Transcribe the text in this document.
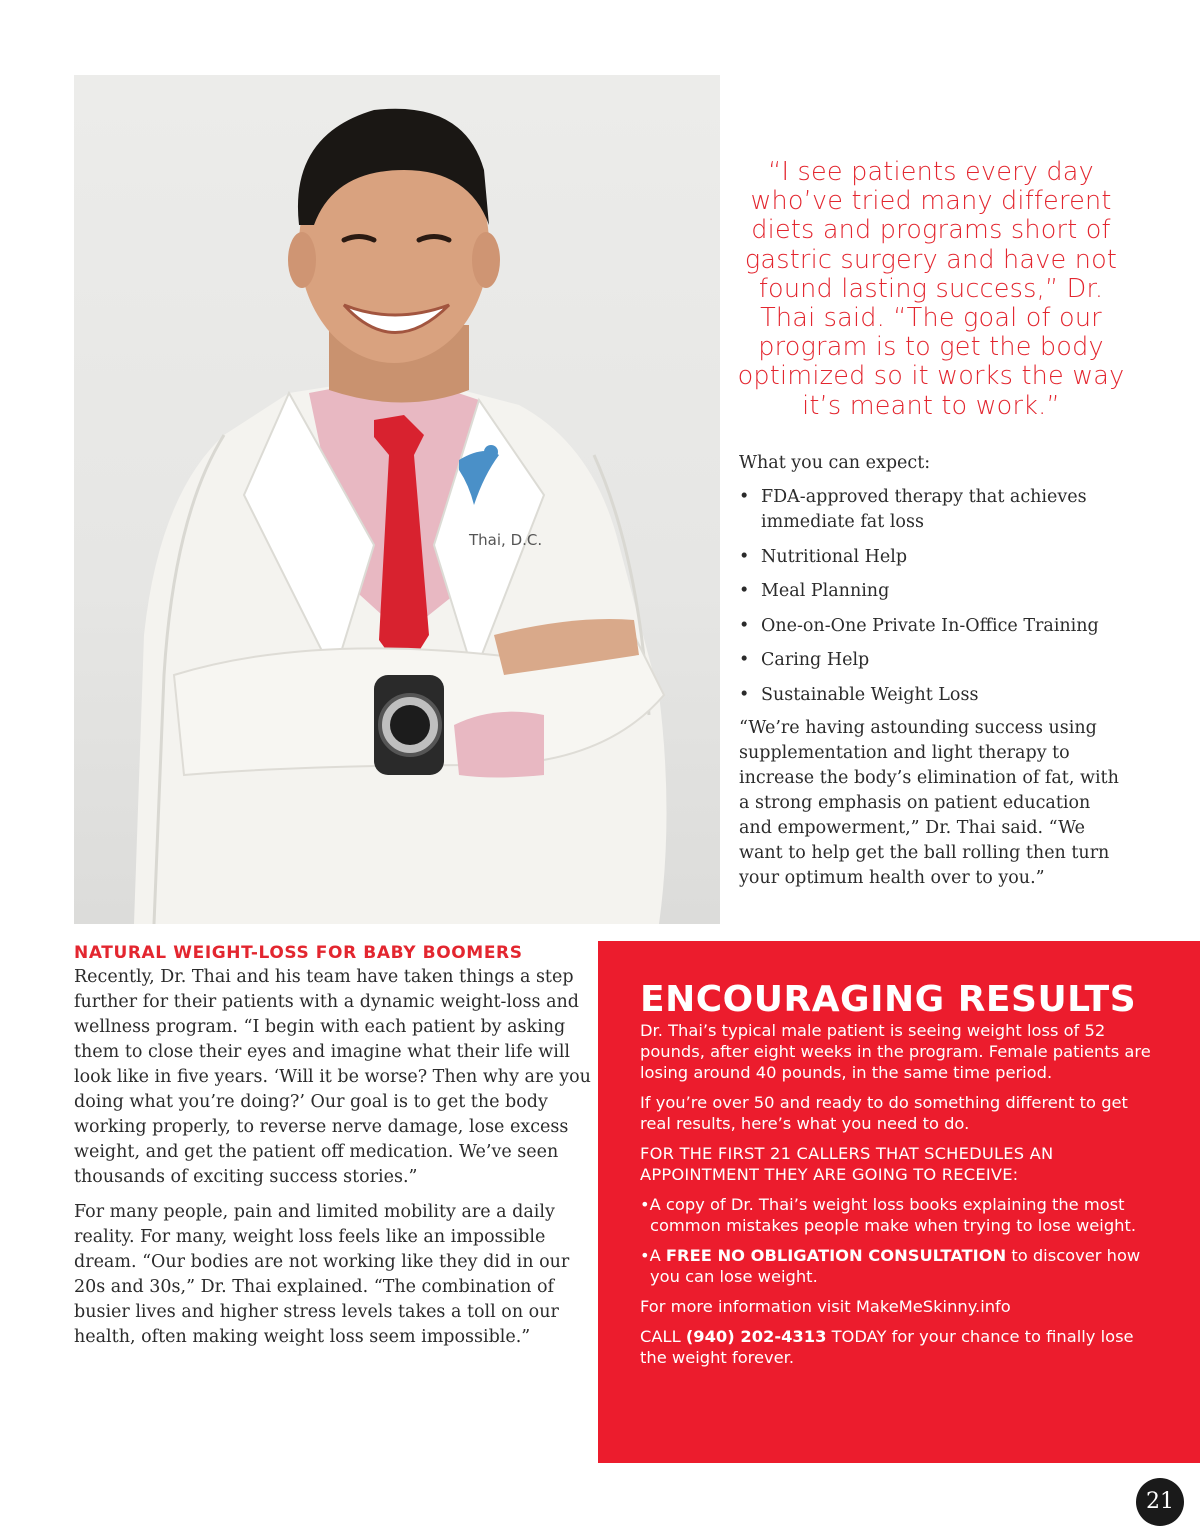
Thai, D.C.
“I see patients every day who’ve tried many different diets and programs short of gastric surgery and have not found lasting success,” Dr. Thai said. “The goal of our program is to get the body optimized so it works the way it’s meant to work.”

What you can expect:

• FDA-approved therapy that achieves immediate fat loss
• Nutritional Help
• Meal Planning
• One-on-One Private In-Office Training
• Caring Help
• Sustainable Weight Loss

“We’re having astounding success using supplementation and light therapy to increase the body’s elimination of fat, with a strong emphasis on patient education and empowerment,” Dr. Thai said. “We want to help get the ball rolling then turn your optimum health over to you.”

NATURAL WEIGHT-LOSS FOR BABY BOOMERS

Recently, Dr. Thai and his team have taken things a step further for their patients with a dynamic weight-loss and wellness program. “I begin with each patient by asking them to close their eyes and imagine what their life will look like in five years. ‘Will it be worse? Then why are you doing what you’re doing?’ Our goal is to get the body working properly, to reverse nerve damage, lose excess weight, and get the patient off medication. We’ve seen thousands of exciting success stories.”

For many people, pain and limited mobility are a daily reality. For many, weight loss feels like an impossible dream. “Our bodies are not working like they did in our 20s and 30s,” Dr. Thai explained. “The combination of busier lives and higher stress levels takes a toll on our health, often making weight loss seem impossible.”

ENCOURAGING RESULTS

Dr. Thai’s typical male patient is seeing weight loss of 52 pounds, after eight weeks in the program. Female patients are losing around 40 pounds, in the same time period.

If you’re over 50 and ready to do something different to get real results, here’s what you need to do.

FOR THE FIRST 21 CALLERS THAT SCHEDULES AN APPOINTMENT THEY ARE GOING TO RECEIVE:

•A copy of Dr. Thai’s weight loss books explaining the most common mistakes people make when trying to lose weight.

•A FREE NO OBLIGATION CONSULTATION to discover how you can lose weight.

For more information visit MakeMeSkinny.info

CALL (940) 202-4313 TODAY for your chance to finally lose the weight forever.

21
